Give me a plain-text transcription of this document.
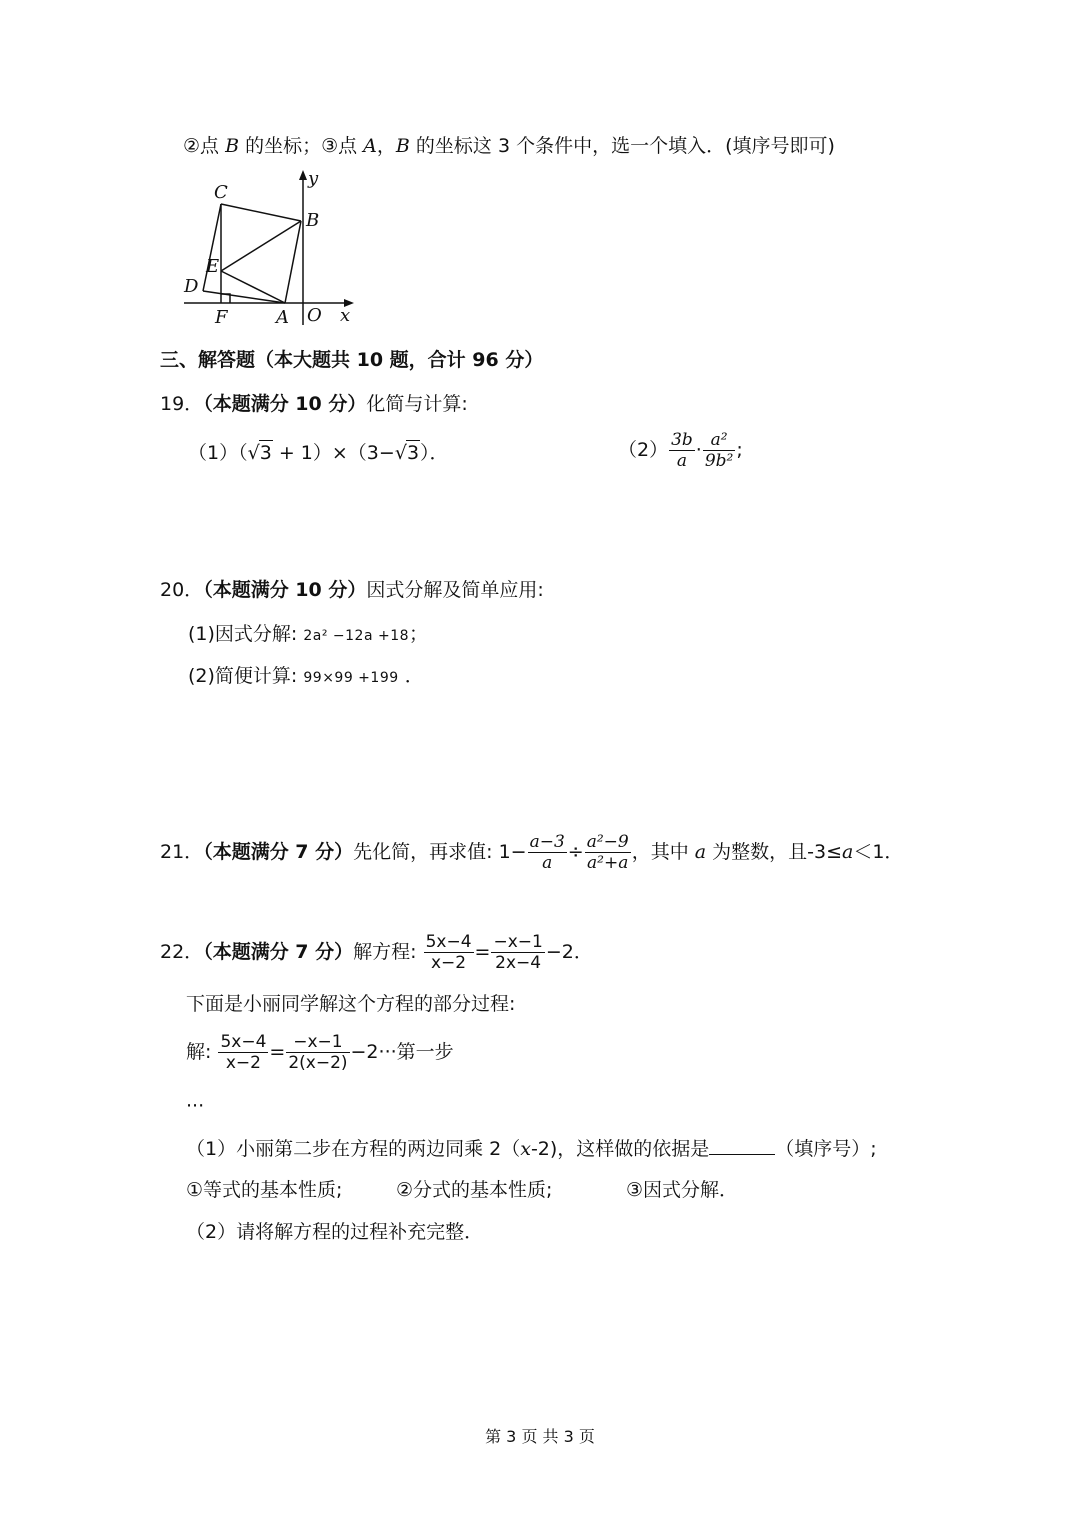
②点 B 的坐标；③点 A，B 的坐标这 3 个条件中，选一个填入．(填序号即可)
C
B
E
D
F	A O x
y
三、解答题（本大题共 10 题，合计 96 分）
19．（本题满分 10 分）化简与计算:
（1）（√3 + 1）×（3−√3）．	$(2) \frac{3b}{a} \cdot \frac{\text{a²}}{\text{9b²}}$ ;
20．（本题满分 10 分）因式分解及简单应用:
(1)因式分解: 2a² −12a +18；
(2)简便计算: 99×99 +199 ．
21．（本题满分 7 分）先化简，再求值: $1- \frac{a-3}{a} \div \frac{\text{a²−9}}{\text{a²+a}}$ ，其中 a 为整数，且-3≤a＜1．
22．（本题满分 7 分）解方程: $\frac{5x-4}{x-2} = \frac{-x-1}{2x-4} -2$．
下面是小丽同学解这个方程的部分过程:
解: $\frac{5x-4}{x-2} = \frac{-x-1}{2(x-2)} -2\cdot\cdot\cdot$第一步
···
（1）小丽第二步在方程的两边同乘 2（x-2)，这样做的依据是	（填序号）;
①等式的基本性质;	②分式的基本性质;	③因式分解．
（2）请将解方程的过程补充完整．
第 3 页 共 3 页
